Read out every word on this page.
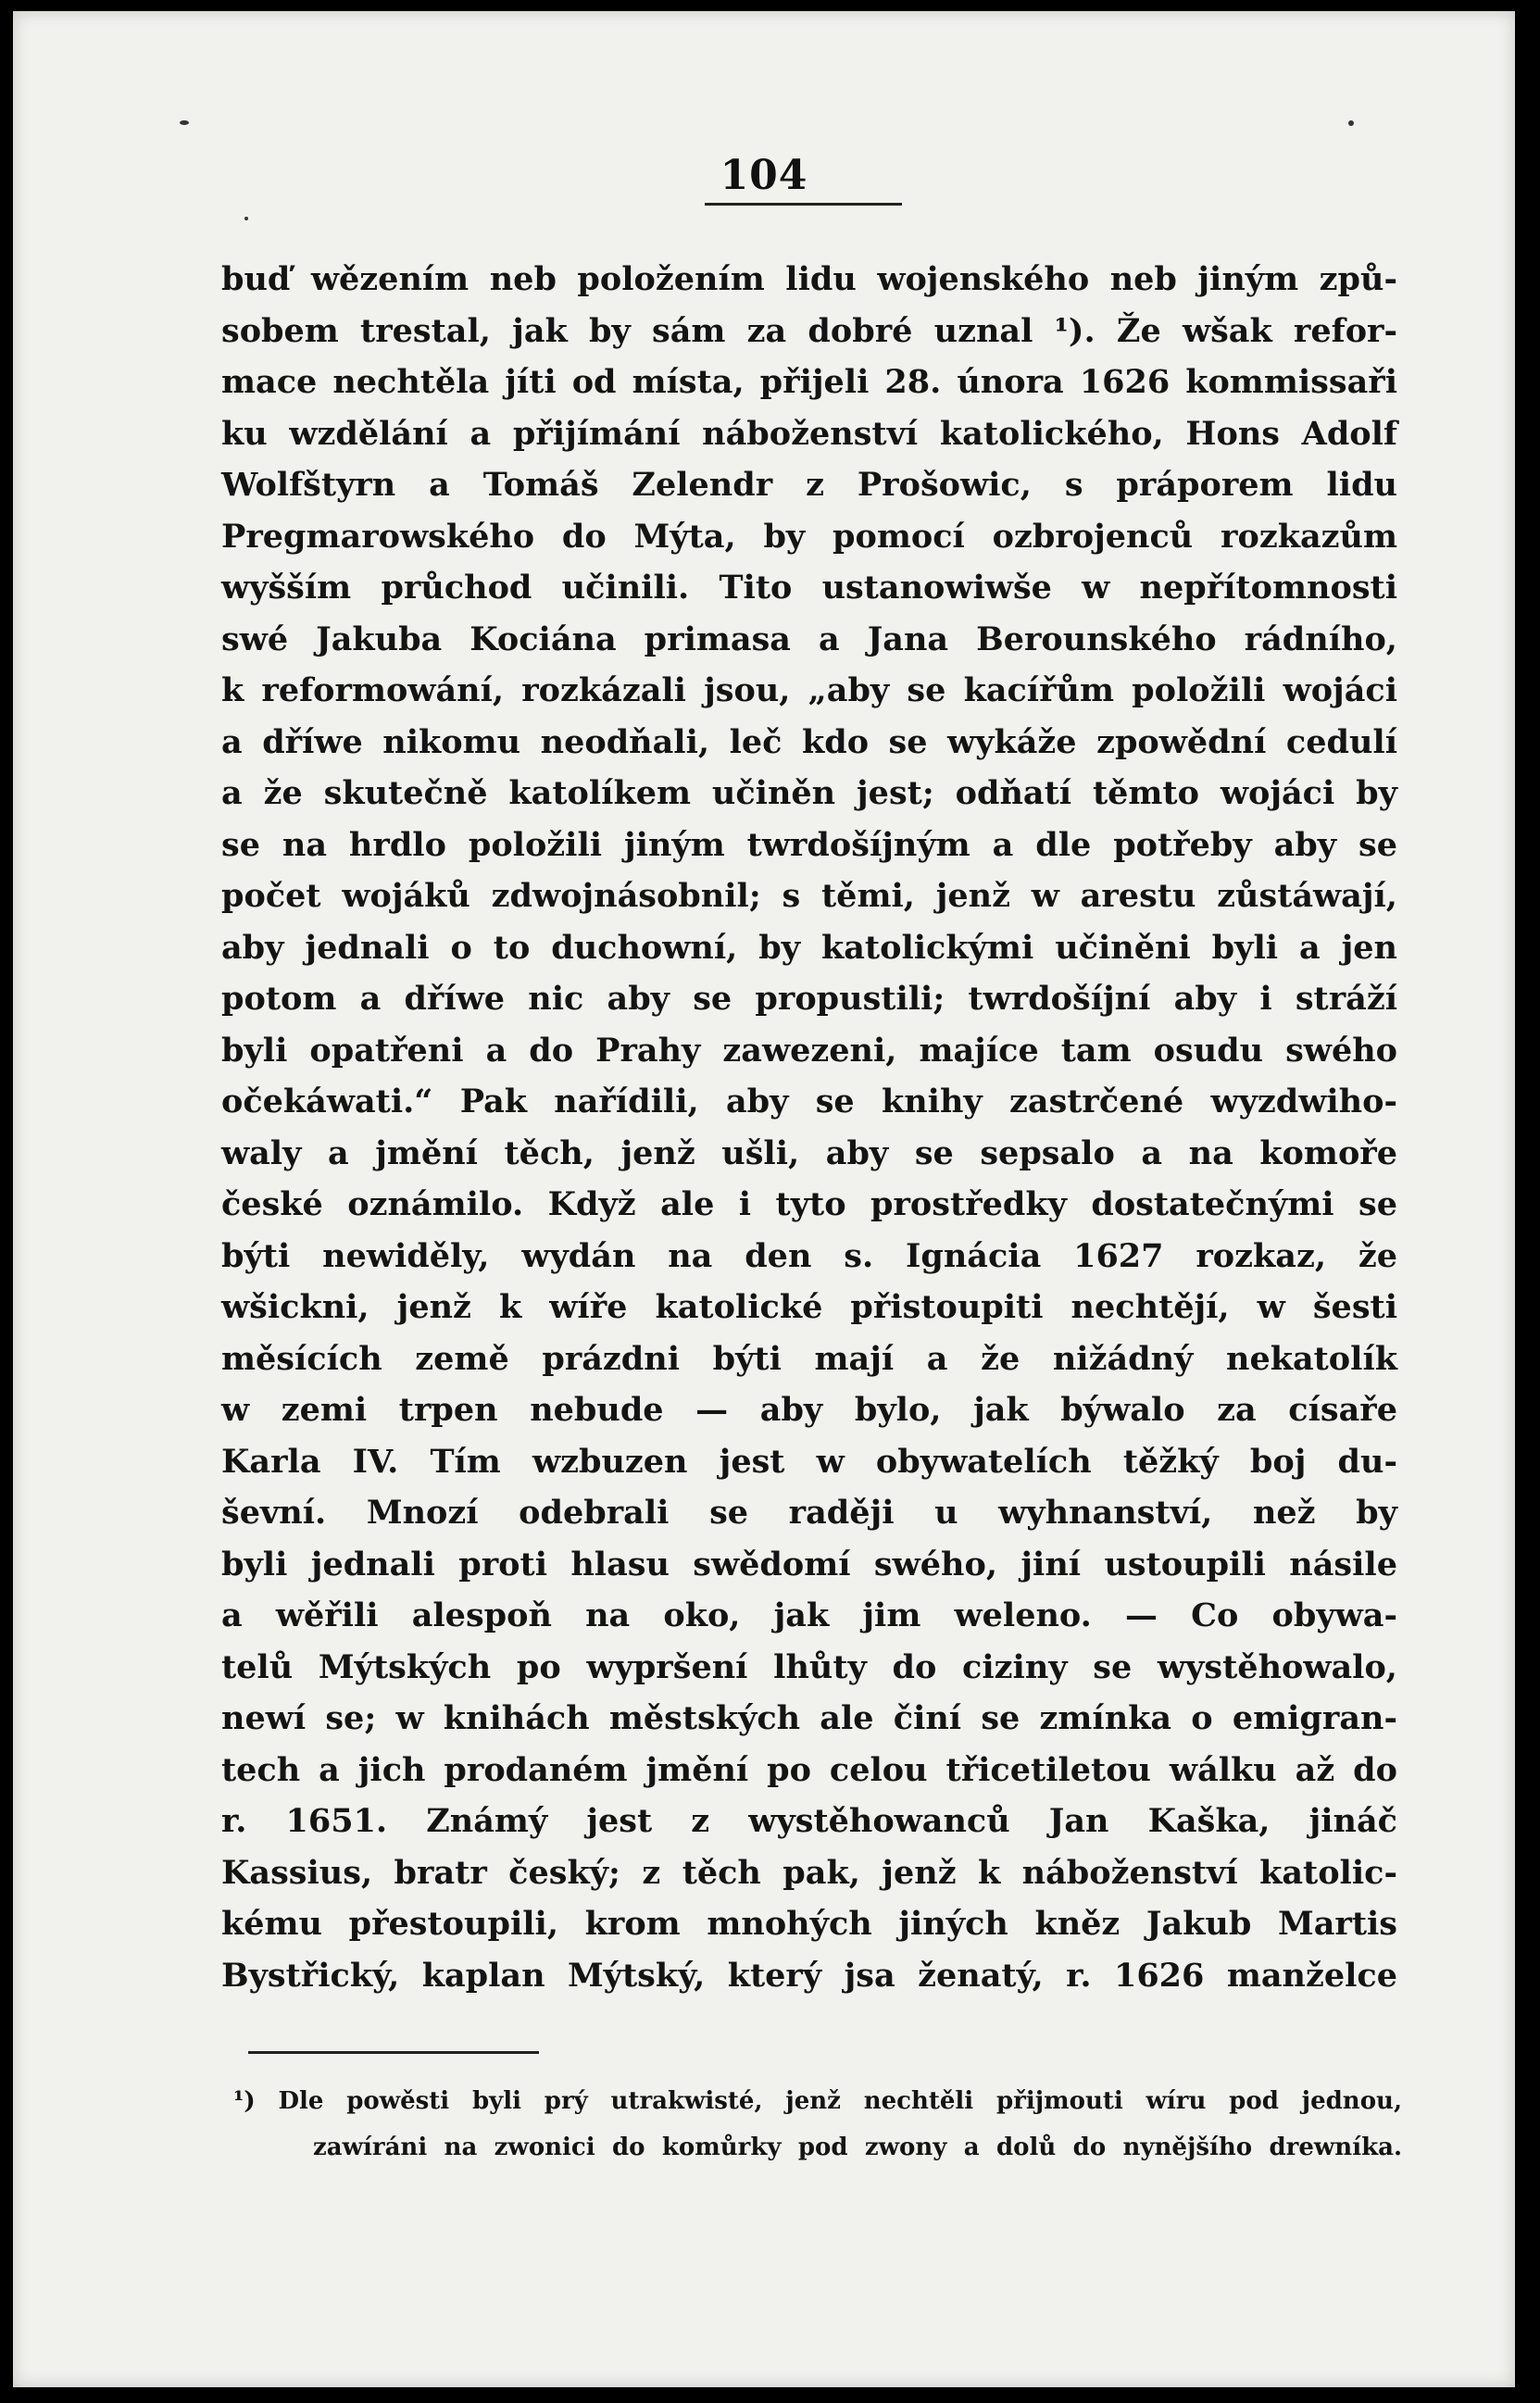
104
buď wězením neb položením lidu wojenského neb jiným způ-
sobem trestal, jak by sám za dobré uznal ¹). Že wšak refor-
mace nechtěla jíti od místa, přijeli 28. února 1626 kommissaři
ku wzdělání a přijímání náboženství katolického, Hons Adolf
Wolfštyrn a Tomáš Zelendr z Prošowic, s práporem lidu
Pregmarowského do Mýta, by pomocí ozbrojenců rozkazům
wyšším průchod učinili. Tito ustanowiwše w nepřítomnosti
swé Jakuba Kociána primasa a Jana Berounského rádního,
k reformowání, rozkázali jsou, „aby se kacířům položili wojáci
a dříwe nikomu neodňali, leč kdo se wykáže zpowědní cedulí
a že skutečně katolíkem učiněn jest; odňatí těmto wojáci by
se na hrdlo položili jiným twrdošíjným a dle potřeby aby se
počet wojáků zdwojnásobnil; s těmi, jenž w arestu zůstáwají,
aby jednali o to duchowní, by katolickými učiněni byli a jen
potom a dříwe nic aby se propustili; twrdošíjní aby i stráží
byli opatřeni a do Prahy zawezeni, majíce tam osudu swého
očekáwati.“ Pak nařídili, aby se knihy zastrčené wyzdwiho-
waly a jmění těch, jenž ušli, aby se sepsalo a na komoře
české oznámilo. Když ale i tyto prostředky dostatečnými se
býti newiděly, wydán na den s. Ignácia 1627 rozkaz, že
wšickni, jenž k wíře katolické přistoupiti nechtějí, w šesti
měsících země prázdni býti mají a že nižádný nekatolík
w zemi trpen nebude — aby bylo, jak býwalo za císaře
Karla IV. Tím wzbuzen jest w obywatelích těžký boj du-
ševní. Mnozí odebrali se raději u wyhnanství, než by
byli jednali proti hlasu swědomí swého, jiní ustoupili násile
a wěřili alespoň na oko, jak jim weleno. — Co obywa-
telů Mýtských po wypršení lhůty do ciziny se wystěhowalo,
newí se; w knihách městských ale činí se zmínka o emigran-
tech a jich prodaném jmění po celou třicetiletou wálku až do
r. 1651. Známý jest z wystěhowanců Jan Kaška, jináč
Kassius, bratr český; z těch pak, jenž k náboženství katolic-
kému přestoupili, krom mnohých jiných kněz Jakub Martis
Bystřický, kaplan Mýtský, který jsa ženatý, r. 1626 manželce
¹) Dle powěsti byli prý utrakwisté, jenž nechtěli přijmouti wíru pod jednou,
zawíráni na zwonici do komůrky pod zwony a dolů do nynějšího drewníka.
